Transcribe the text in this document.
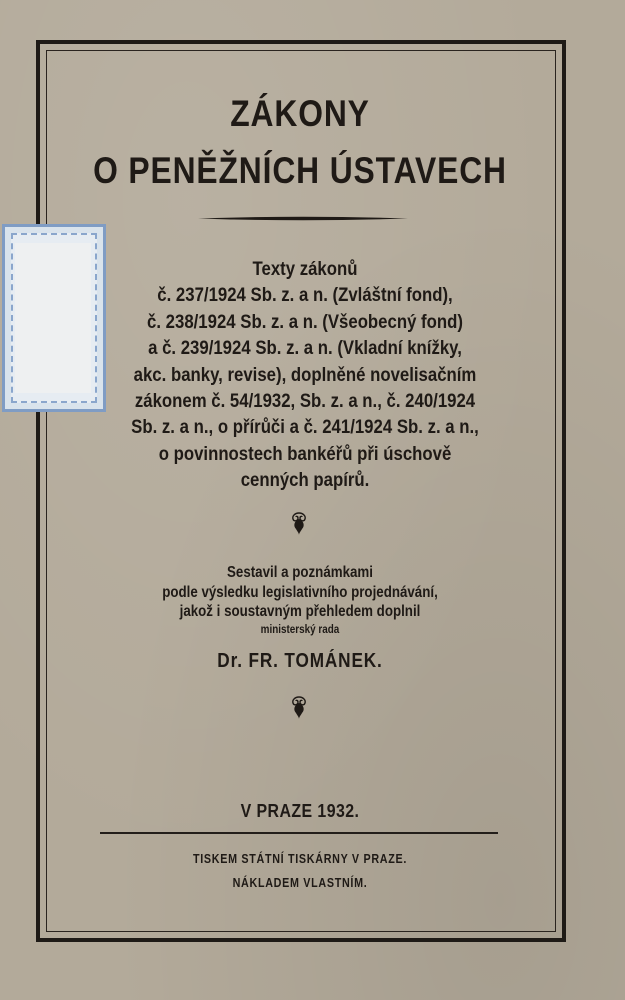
ZÁKONY
O PENĚŽNÍCH ÚSTAVECH
Texty zákonů
č. 237/1924 Sb. z. a n. (Zvláštní fond),
č. 238/1924 Sb. z. a n. (Všeobecný fond)
a č. 239/1924 Sb. z. a n. (Vkladní knížky,
akc. banky, revise), doplněné novelisačním
zákonem č. 54/1932, Sb. z. a n., č. 240/1924
Sb. z. a n., o přírůči a č. 241/1924 Sb. z. a n.,
o povinnostech bankéřů při úschově
cenných papírů.
Sestavil a poznámkami
podle výsledku legislativního projednávání,
jakož i soustavným přehledem doplnil
ministerský rada
Dr. FR. TOMÁNEK.
V PRAZE 1932.
TISKEM STÁTNÍ TISKÁRNY V PRAZE.
NÁKLADEM VLASTNÍM.
